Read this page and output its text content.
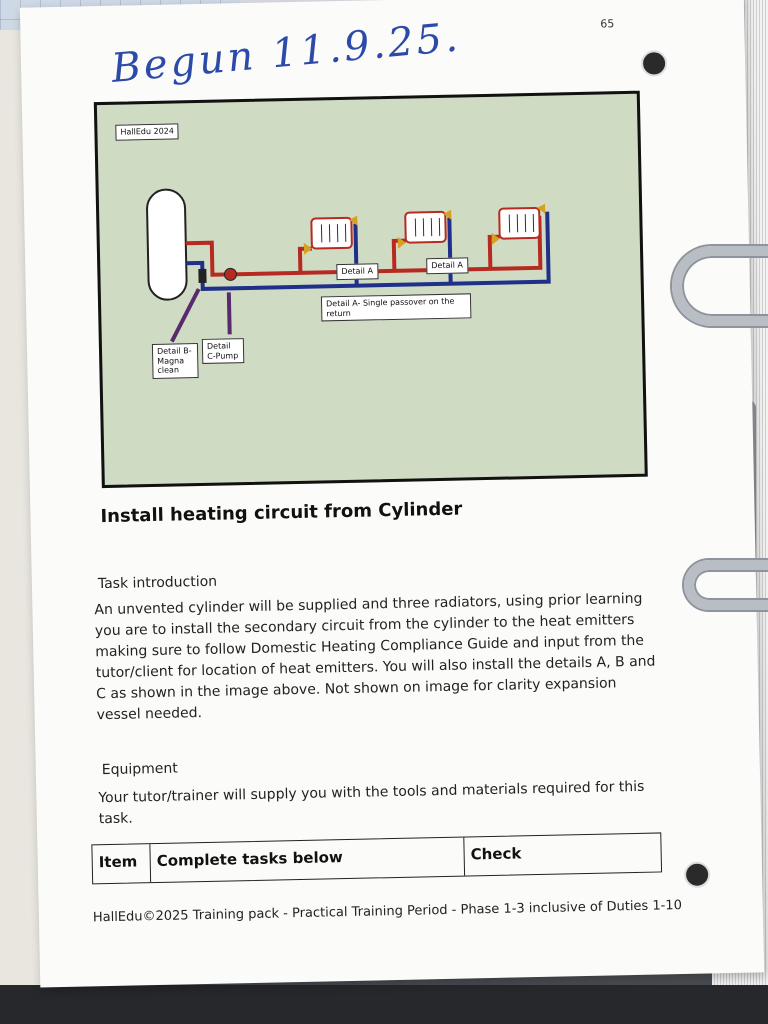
65
Begun 11.9.25.
HallEdu 2024
Detail A
Detail A
Detail A- Single passover on the return
Detail B-Magna clean
Detail C-Pump
Install heating circuit from Cylinder
Task introduction
An unvented cylinder will be supplied and three radiators, using prior learning you are to install the secondary circuit from the cylinder to the heat emitters making sure to follow Domestic Heating Compliance Guide and input from the tutor/client for location of heat emitters. You will also install the details A, B and C as shown in the image above. Not shown on image for clarity expansion vessel needed.
Equipment
Your tutor/trainer will supply you with the tools and materials required for this task.
Item	Complete tasks below	Check
HallEdu©2025 Training pack - Practical Training Period - Phase 1-3 inclusive of Duties 1-10
